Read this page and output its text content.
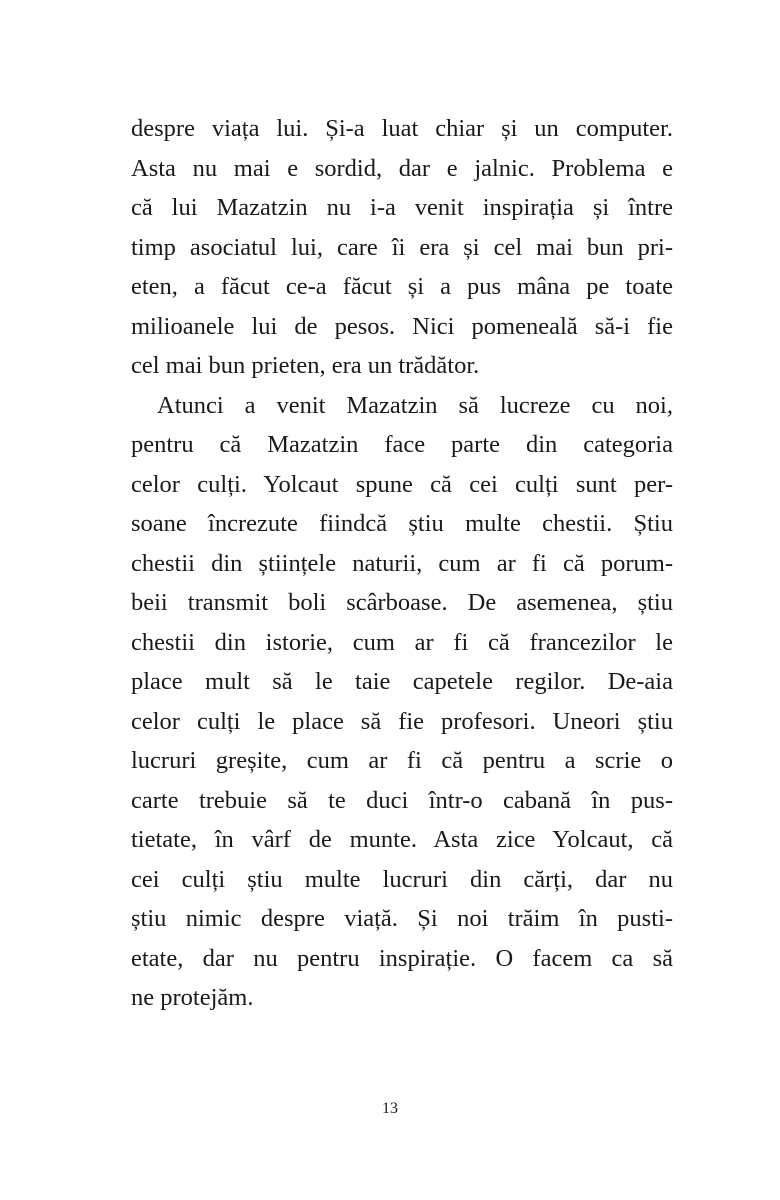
despre viața lui. Și-a luat chiar și un computer.
Asta nu mai e sordid, dar e jalnic. Problema e
că lui Mazatzin nu i-a venit inspirația și între
timp asociatul lui, care îi era și cel mai bun pri-
eten, a făcut ce-a făcut și a pus mâna pe toate
milioanele lui de pesos. Nici pomeneală să-i fie
cel mai bun prieten, era un trădător.
Atunci a venit Mazatzin să lucreze cu noi,
pentru că Mazatzin face parte din categoria
celor culți. Yolcaut spune că cei culți sunt per-
soane încrezute fiindcă știu multe chestii. Știu
chestii din științele naturii, cum ar fi că porum-
beii transmit boli scârboase. De asemenea, știu
chestii din istorie, cum ar fi că francezilor le
place mult să le taie capetele regilor. De-aia
celor culți le place să fie profesori. Uneori știu
lucruri greșite, cum ar fi că pentru a scrie o
carte trebuie să te duci într-o cabană în pus-
tietate, în vârf de munte. Asta zice Yolcaut, că
cei culți știu multe lucruri din cărți, dar nu
știu nimic despre viață. Și noi trăim în pusti-
etate, dar nu pentru inspirație. O facem ca să
ne protejăm.
13
